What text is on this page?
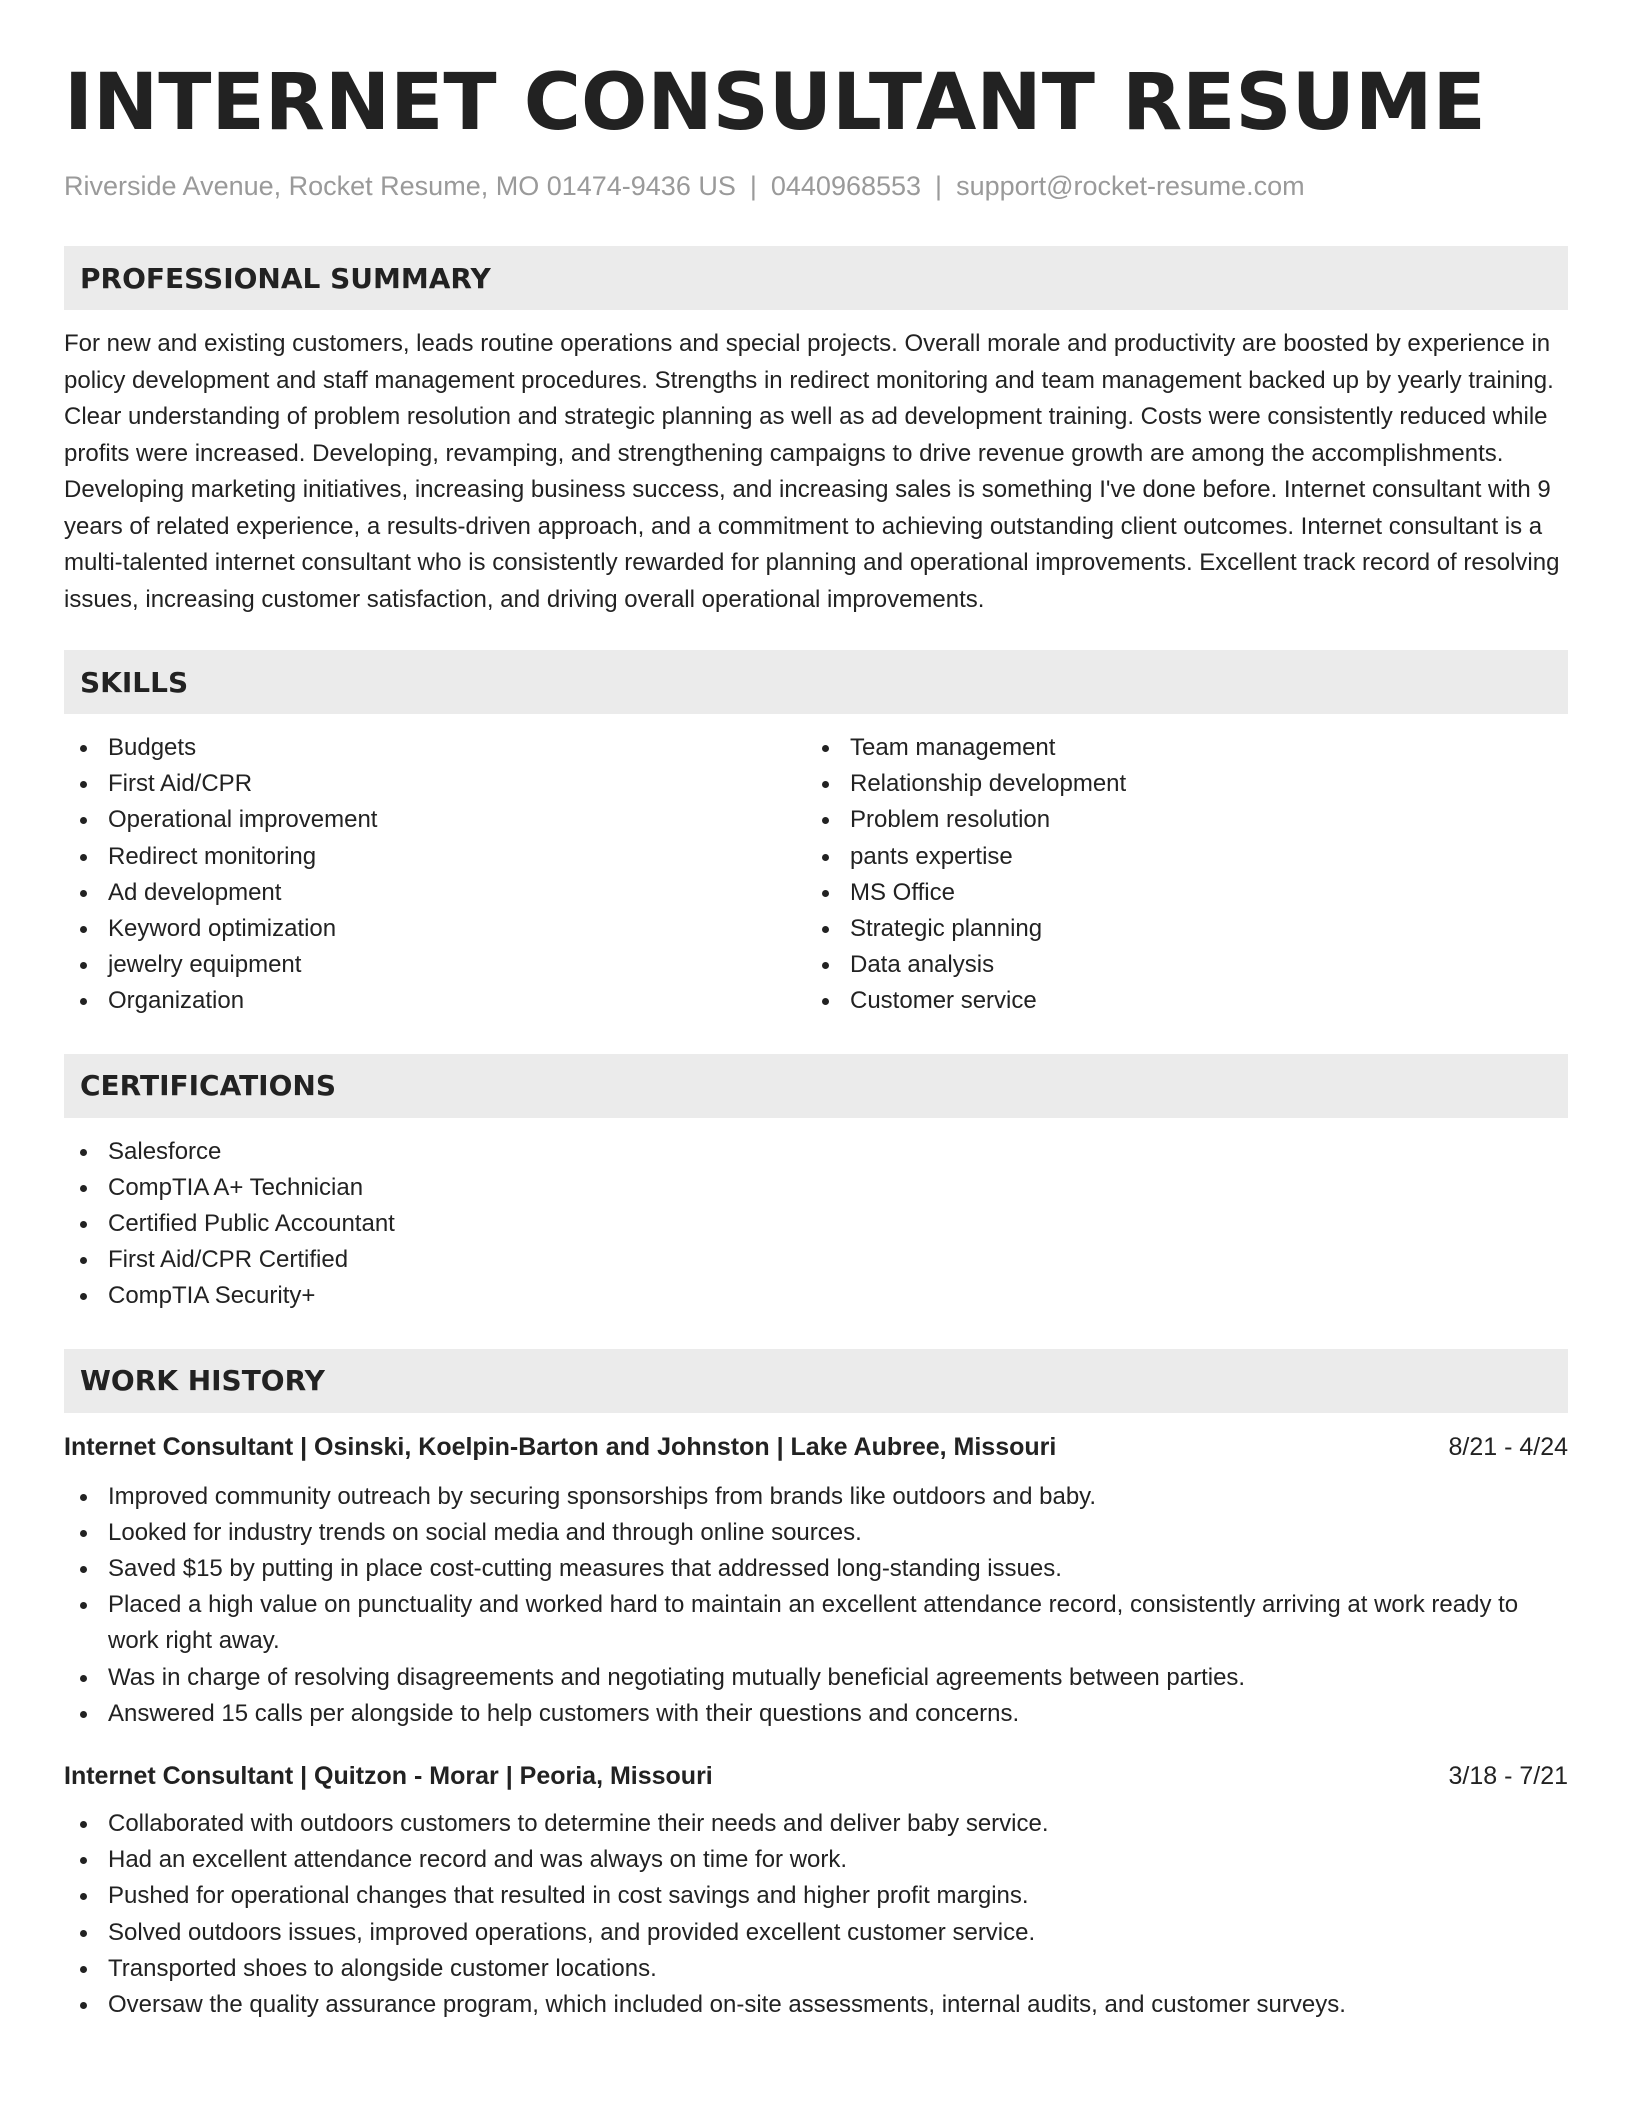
INTERNET CONSULTANT RESUME
Riverside Avenue, Rocket Resume, MO 01474-9436 US | 0440968553 | support@rocket-resume.com
PROFESSIONAL SUMMARY
For new and existing customers, leads routine operations and special projects. Overall morale and productivity are boosted by experience in policy development and staff management procedures. Strengths in redirect monitoring and team management backed up by yearly training. Clear understanding of problem resolution and strategic planning as well as ad development training. Costs were consistently reduced while profits were increased. Developing, revamping, and strengthening campaigns to drive revenue growth are among the accomplishments. Developing marketing initiatives, increasing business success, and increasing sales is something I've done before. Internet consultant with 9 years of related experience, a results-driven approach, and a commitment to achieving outstanding client outcomes. Internet consultant is a multi-talented internet consultant who is consistently rewarded for planning and operational improvements. Excellent track record of resolving issues, increasing customer satisfaction, and driving overall operational improvements.
SKILLS
Budgets
First Aid/CPR
Operational improvement
Redirect monitoring
Ad development
Keyword optimization
jewelry equipment
Organization
Team management
Relationship development
Problem resolution
pants expertise
MS Office
Strategic planning
Data analysis
Customer service
CERTIFICATIONS
Salesforce
CompTIA A+ Technician
Certified Public Accountant
First Aid/CPR Certified
CompTIA Security+
WORK HISTORY
Internet Consultant | Osinski, Koelpin-Barton and Johnston | Lake Aubree, Missouri	8/21 - 4/24
Improved community outreach by securing sponsorships from brands like outdoors and baby.
Looked for industry trends on social media and through online sources.
Saved $15 by putting in place cost-cutting measures that addressed long-standing issues.
Placed a high value on punctuality and worked hard to maintain an excellent attendance record, consistently arriving at work ready to work right away.
Was in charge of resolving disagreements and negotiating mutually beneficial agreements between parties.
Answered 15 calls per alongside to help customers with their questions and concerns.
Internet Consultant | Quitzon - Morar | Peoria, Missouri	3/18 - 7/21
Collaborated with outdoors customers to determine their needs and deliver baby service.
Had an excellent attendance record and was always on time for work.
Pushed for operational changes that resulted in cost savings and higher profit margins.
Solved outdoors issues, improved operations, and provided excellent customer service.
Transported shoes to alongside customer locations.
Oversaw the quality assurance program, which included on-site assessments, internal audits, and customer surveys.
